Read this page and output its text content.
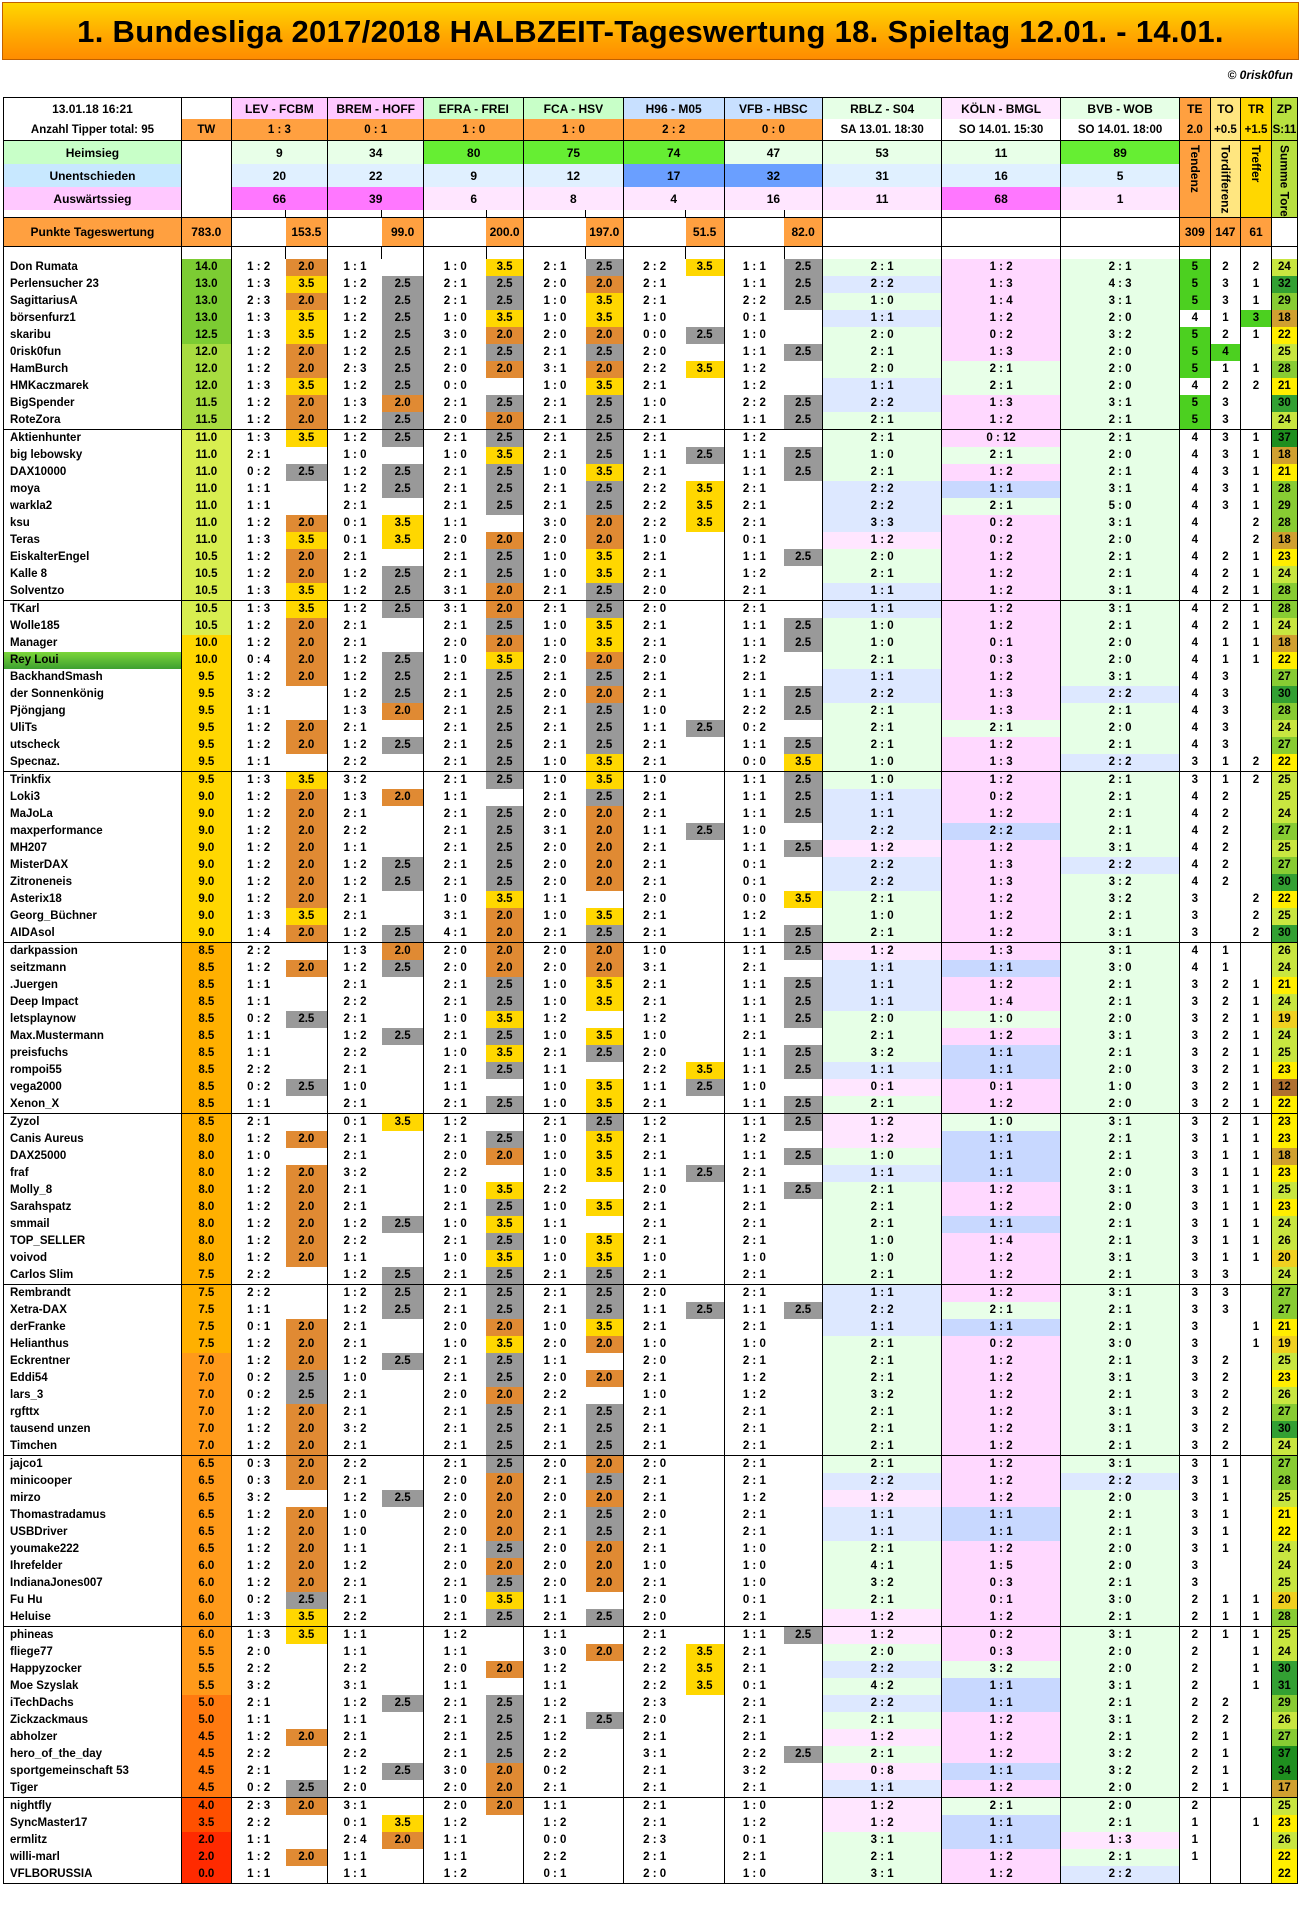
1. Bundesliga 2017/2018 HALBZEIT-Tageswertung 18. Spieltag 12.01. - 14.01.
© 0risk0fun
13.01.18 16:21		LEV - FCBM		BREM - HOFF		EFRA - FREI		FCA - HSV		H96 - M05		VFB - HBSC		RBLZ - S04	KÖLN - BMGL	BVB - WOB	TE	TO	TR	ZP
Anzahl Tipper total: 95	TW	1 : 3		0 : 1		1 : 0		1 : 0		2 : 2		0 : 0		SA 13.01. 18:30	SO 14.01. 15:30	SO 14.01. 18:00	2.0	+0.5	+1.5	S:11
Heimsieg		9		34		80		75		74		47		53	11	89	Tendenz	Tordifferenz	Treffer	Summe Tore

Unentschieden		20		22		9		12		17		32		31	16	5				
Auswärtssieg		66		39		6		8		4		16		11	68	1				

Punkte Tageswertung	783.0		153.5		99.0		200.0		197.0		51.5		82.0				309	147	61	

Don Rumata	14.0	1 : 2	2.0	1 : 1		1 : 0	3.5	2 : 1	2.5	2 : 2	3.5	1 : 1	2.5	2 : 1	1 : 2	2 : 1	5	2	2	24
Perlensucher 23	13.0	1 : 3	3.5	1 : 2	2.5	2 : 1	2.5	2 : 0	2.0	2 : 1		1 : 1	2.5	2 : 2	1 : 3	4 : 3	5	3	1	32
SagittariusA	13.0	2 : 3	2.0	1 : 2	2.5	2 : 1	2.5	1 : 0	3.5	2 : 1		2 : 2	2.5	1 : 0	1 : 4	3 : 1	5	3	1	29
börsenfurz1	13.0	1 : 3	3.5	1 : 2	2.5	1 : 0	3.5	1 : 0	3.5	1 : 0		0 : 1		1 : 1	1 : 2	2 : 0	4	1	3	18
skaribu	12.5	1 : 3	3.5	1 : 2	2.5	3 : 0	2.0	2 : 0	2.0	0 : 0	2.5	1 : 0		2 : 0	0 : 2	3 : 2	5	2	1	22
0risk0fun	12.0	1 : 2	2.0	1 : 2	2.5	2 : 1	2.5	2 : 1	2.5	2 : 0		1 : 1	2.5	2 : 1	1 : 3	2 : 0	5	4		25
HamBurch	12.0	1 : 2	2.0	2 : 3	2.5	2 : 0	2.0	3 : 1	2.0	2 : 2	3.5	1 : 2		2 : 0	2 : 1	2 : 0	5	1	1	28
HMKaczmarek	12.0	1 : 3	3.5	1 : 2	2.5	0 : 0		1 : 0	3.5	2 : 1		1 : 2		1 : 1	2 : 1	2 : 0	4	2	2	21
BigSpender	11.5	1 : 2	2.0	1 : 3	2.0	2 : 1	2.5	2 : 1	2.5	1 : 0		2 : 2	2.5	2 : 2	1 : 3	3 : 1	5	3		30
RoteZora	11.5	1 : 2	2.0	1 : 2	2.5	2 : 0	2.0	2 : 1	2.5	2 : 1		1 : 1	2.5	2 : 1	1 : 2	2 : 1	5	3		24
Aktienhunter	11.0	1 : 3	3.5	1 : 2	2.5	2 : 1	2.5	2 : 1	2.5	2 : 1		1 : 2		2 : 1	0 : 12	2 : 1	4	3	1	37
big lebowsky	11.0	2 : 1		1 : 0		1 : 0	3.5	2 : 1	2.5	1 : 1	2.5	1 : 1	2.5	1 : 0	2 : 1	2 : 0	4	3	1	18
DAX10000	11.0	0 : 2	2.5	1 : 2	2.5	2 : 1	2.5	1 : 0	3.5	2 : 1		1 : 1	2.5	2 : 1	1 : 2	2 : 1	4	3	1	21
moya	11.0	1 : 1		1 : 2	2.5	2 : 1	2.5	2 : 1	2.5	2 : 2	3.5	2 : 1		2 : 2	1 : 1	3 : 1	4	3	1	28
warkla2	11.0	1 : 1		2 : 1		2 : 1	2.5	2 : 1	2.5	2 : 2	3.5	2 : 1		2 : 2	2 : 1	5 : 0	4	3	1	29
ksu	11.0	1 : 2	2.0	0 : 1	3.5	1 : 1		3 : 0	2.0	2 : 2	3.5	2 : 1		3 : 3	0 : 2	3 : 1	4		2	28
Teras	11.0	1 : 3	3.5	0 : 1	3.5	2 : 0	2.0	2 : 0	2.0	1 : 0		0 : 1		1 : 2	0 : 2	2 : 0	4		2	18
EiskalterEngel	10.5	1 : 2	2.0	2 : 1		2 : 1	2.5	1 : 0	3.5	2 : 1		1 : 1	2.5	2 : 0	1 : 2	2 : 1	4	2	1	23
Kalle 8	10.5	1 : 2	2.0	1 : 2	2.5	2 : 1	2.5	1 : 0	3.5	2 : 1		1 : 2		2 : 1	1 : 2	2 : 1	4	2	1	24
Solventzo	10.5	1 : 3	3.5	1 : 2	2.5	3 : 1	2.0	2 : 1	2.5	2 : 0		2 : 1		1 : 1	1 : 2	3 : 1	4	2	1	28
TKarl	10.5	1 : 3	3.5	1 : 2	2.5	3 : 1	2.0	2 : 1	2.5	2 : 0		2 : 1		1 : 1	1 : 2	3 : 1	4	2	1	28
Wolle185	10.5	1 : 2	2.0	2 : 1		2 : 1	2.5	1 : 0	3.5	2 : 1		1 : 1	2.5	1 : 0	1 : 2	2 : 1	4	2	1	24
Manager	10.0	1 : 2	2.0	2 : 1		2 : 0	2.0	1 : 0	3.5	2 : 1		1 : 1	2.5	1 : 0	0 : 1	2 : 0	4	1	1	18
Rey Loui	10.0	0 : 4	2.0	1 : 2	2.5	1 : 0	3.5	2 : 0	2.0	2 : 0		1 : 2		2 : 1	0 : 3	2 : 0	4	1	1	22
BackhandSmash	9.5	1 : 2	2.0	1 : 2	2.5	2 : 1	2.5	2 : 1	2.5	2 : 1		2 : 1		1 : 1	1 : 2	3 : 1	4	3		27
der Sonnenkönig	9.5	3 : 2		1 : 2	2.5	2 : 1	2.5	2 : 0	2.0	2 : 1		1 : 1	2.5	2 : 2	1 : 3	2 : 2	4	3		30
Pjöngjang	9.5	1 : 1		1 : 3	2.0	2 : 1	2.5	2 : 1	2.5	1 : 0		2 : 2	2.5	2 : 1	1 : 3	2 : 1	4	3		28
UliTs	9.5	1 : 2	2.0	2 : 1		2 : 1	2.5	2 : 1	2.5	1 : 1	2.5	0 : 2		2 : 1	2 : 1	2 : 0	4	3		24
utscheck	9.5	1 : 2	2.0	1 : 2	2.5	2 : 1	2.5	2 : 1	2.5	2 : 1		1 : 1	2.5	2 : 1	1 : 2	2 : 1	4	3		27
Specnaz.	9.5	1 : 1		2 : 2		2 : 1	2.5	1 : 0	3.5	2 : 1		0 : 0	3.5	1 : 0	1 : 3	2 : 2	3	1	2	22
Trinkfix	9.5	1 : 3	3.5	3 : 2		2 : 1	2.5	1 : 0	3.5	1 : 0		1 : 1	2.5	1 : 0	1 : 2	2 : 1	3	1	2	25
Loki3	9.0	1 : 2	2.0	1 : 3	2.0	1 : 1		2 : 1	2.5	2 : 1		1 : 1	2.5	1 : 1	0 : 2	2 : 1	4	2		25
MaJoLa	9.0	1 : 2	2.0	2 : 1		2 : 1	2.5	2 : 0	2.0	2 : 1		1 : 1	2.5	1 : 1	1 : 2	2 : 1	4	2		24
maxperformance	9.0	1 : 2	2.0	2 : 2		2 : 1	2.5	3 : 1	2.0	1 : 1	2.5	1 : 0		2 : 2	2 : 2	2 : 1	4	2		27
MH207	9.0	1 : 2	2.0	1 : 1		2 : 1	2.5	2 : 0	2.0	2 : 1		1 : 1	2.5	1 : 2	1 : 2	3 : 1	4	2		25
MisterDAX	9.0	1 : 2	2.0	1 : 2	2.5	2 : 1	2.5	2 : 0	2.0	2 : 1		0 : 1		2 : 2	1 : 3	2 : 2	4	2		27
Zitroneneis	9.0	1 : 2	2.0	1 : 2	2.5	2 : 1	2.5	2 : 0	2.0	2 : 1		0 : 1		2 : 2	1 : 3	3 : 2	4	2		30
Asterix18	9.0	1 : 2	2.0	2 : 1		1 : 0	3.5	1 : 1		2 : 0		0 : 0	3.5	2 : 1	1 : 2	3 : 2	3		2	22
Georg_Büchner	9.0	1 : 3	3.5	2 : 1		3 : 1	2.0	1 : 0	3.5	2 : 1		1 : 2		1 : 0	1 : 2	2 : 1	3		2	25
AIDAsol	9.0	1 : 4	2.0	1 : 2	2.5	4 : 1	2.0	2 : 1	2.5	2 : 1		1 : 1	2.5	2 : 1	1 : 2	3 : 1	3		2	30
darkpassion	8.5	2 : 2		1 : 3	2.0	2 : 0	2.0	2 : 0	2.0	1 : 0		1 : 1	2.5	1 : 2	1 : 3	3 : 1	4	1		26
seitzmann	8.5	1 : 2	2.0	1 : 2	2.5	2 : 0	2.0	2 : 0	2.0	3 : 1		2 : 1		1 : 1	1 : 1	3 : 0	4	1		24
.Juergen	8.5	1 : 1		2 : 1		2 : 1	2.5	1 : 0	3.5	2 : 1		1 : 1	2.5	1 : 1	1 : 2	2 : 1	3	2	1	21
Deep Impact	8.5	1 : 1		2 : 2		2 : 1	2.5	1 : 0	3.5	2 : 1		1 : 1	2.5	1 : 1	1 : 4	2 : 1	3	2	1	24
letsplaynow	8.5	0 : 2	2.5	2 : 1		1 : 0	3.5	1 : 2		1 : 2		1 : 1	2.5	2 : 0	1 : 0	2 : 0	3	2	1	19
Max.Mustermann	8.5	1 : 1		1 : 2	2.5	2 : 1	2.5	1 : 0	3.5	1 : 0		2 : 1		2 : 1	1 : 2	3 : 1	3	2	1	24
preisfuchs	8.5	1 : 1		2 : 2		1 : 0	3.5	2 : 1	2.5	2 : 0		1 : 1	2.5	3 : 2	1 : 1	2 : 1	3	2	1	25
rompoi55	8.5	2 : 2		2 : 1		2 : 1	2.5	1 : 1		2 : 2	3.5	1 : 1	2.5	1 : 1	1 : 1	2 : 0	3	2	1	23
vega2000	8.5	0 : 2	2.5	1 : 0		1 : 1		1 : 0	3.5	1 : 1	2.5	1 : 0		0 : 1	0 : 1	1 : 0	3	2	1	12
Xenon_X	8.5	1 : 1		2 : 1		2 : 1	2.5	1 : 0	3.5	2 : 1		1 : 1	2.5	2 : 1	1 : 2	2 : 0	3	2	1	22
Zyzol	8.5	2 : 1		0 : 1	3.5	1 : 2		2 : 1	2.5	1 : 2		1 : 1	2.5	1 : 2	1 : 0	3 : 1	3	2	1	23
Canis Aureus	8.0	1 : 2	2.0	2 : 1		2 : 1	2.5	1 : 0	3.5	2 : 1		1 : 2		1 : 2	1 : 1	2 : 1	3	1	1	23
DAX25000	8.0	1 : 0		2 : 1		2 : 0	2.0	1 : 0	3.5	2 : 1		1 : 1	2.5	1 : 0	1 : 1	2 : 1	3	1	1	18
fraf	8.0	1 : 2	2.0	3 : 2		2 : 2		1 : 0	3.5	1 : 1	2.5	2 : 1		1 : 1	1 : 1	2 : 0	3	1	1	23
Molly_8	8.0	1 : 2	2.0	2 : 1		1 : 0	3.5	2 : 2		2 : 0		1 : 1	2.5	2 : 1	1 : 2	3 : 1	3	1	1	25
Sarahspatz	8.0	1 : 2	2.0	2 : 1		2 : 1	2.5	1 : 0	3.5	2 : 1		2 : 1		2 : 1	1 : 2	2 : 0	3	1	1	23
smmail	8.0	1 : 2	2.0	1 : 2	2.5	1 : 0	3.5	1 : 1		2 : 1		2 : 1		2 : 1	1 : 1	2 : 1	3	1	1	24
TOP_SELLER	8.0	1 : 2	2.0	2 : 2		2 : 1	2.5	1 : 0	3.5	2 : 1		2 : 1		1 : 0	1 : 4	2 : 1	3	1	1	26
voivod	8.0	1 : 2	2.0	1 : 1		1 : 0	3.5	1 : 0	3.5	1 : 0		1 : 0		1 : 0	1 : 2	3 : 1	3	1	1	20
Carlos Slim	7.5	2 : 2		1 : 2	2.5	2 : 1	2.5	2 : 1	2.5	2 : 1		2 : 1		2 : 1	1 : 2	2 : 1	3	3		24
Rembrandt	7.5	2 : 2		1 : 2	2.5	2 : 1	2.5	2 : 1	2.5	2 : 0		2 : 1		1 : 1	1 : 2	3 : 1	3	3		27
Xetra-DAX	7.5	1 : 1		1 : 2	2.5	2 : 1	2.5	2 : 1	2.5	1 : 1	2.5	1 : 1	2.5	2 : 2	2 : 1	2 : 1	3	3		27
derFranke	7.5	0 : 1	2.0	2 : 1		2 : 0	2.0	1 : 0	3.5	2 : 1		2 : 1		1 : 1	1 : 1	2 : 1	3		1	21
Helianthus	7.5	1 : 2	2.0	2 : 1		1 : 0	3.5	2 : 0	2.0	1 : 0		1 : 0		2 : 1	0 : 2	3 : 0	3		1	19
Eckrentner	7.0	1 : 2	2.0	1 : 2	2.5	2 : 1	2.5	1 : 1		2 : 0		2 : 1		2 : 1	1 : 2	2 : 1	3	2		25
Eddi54	7.0	0 : 2	2.5	1 : 0		2 : 1	2.5	2 : 0	2.0	2 : 1		1 : 2		2 : 1	1 : 2	3 : 1	3	2		23
lars_3	7.0	0 : 2	2.5	2 : 1		2 : 0	2.0	2 : 2		1 : 0		1 : 2		3 : 2	1 : 2	2 : 1	3	2		26
rgfttx	7.0	1 : 2	2.0	2 : 1		2 : 1	2.5	2 : 1	2.5	2 : 1		2 : 1		2 : 1	1 : 2	3 : 1	3	2		27
tausend unzen	7.0	1 : 2	2.0	3 : 2		2 : 1	2.5	2 : 1	2.5	2 : 1		2 : 1		2 : 1	1 : 2	3 : 1	3	2		30
Timchen	7.0	1 : 2	2.0	2 : 1		2 : 1	2.5	2 : 1	2.5	2 : 1		2 : 1		2 : 1	1 : 2	2 : 1	3	2		24
jajco1	6.5	0 : 3	2.0	2 : 2		2 : 1	2.5	2 : 0	2.0	2 : 0		2 : 1		2 : 1	1 : 2	3 : 1	3	1		27
minicooper	6.5	0 : 3	2.0	2 : 1		2 : 0	2.0	2 : 1	2.5	2 : 1		2 : 1		2 : 2	1 : 2	2 : 2	3	1		28
mirzo	6.5	3 : 2		1 : 2	2.5	2 : 0	2.0	2 : 0	2.0	2 : 1		1 : 2		1 : 2	1 : 2	2 : 0	3	1		25
Thomastradamus	6.5	1 : 2	2.0	1 : 0		2 : 0	2.0	2 : 1	2.5	2 : 0		2 : 1		1 : 1	1 : 1	2 : 1	3	1		21
USBDriver	6.5	1 : 2	2.0	1 : 0		2 : 0	2.0	2 : 1	2.5	2 : 1		2 : 1		1 : 1	1 : 1	2 : 1	3	1		22
youmake222	6.5	1 : 2	2.0	1 : 1		2 : 1	2.5	2 : 0	2.0	2 : 1		1 : 0		2 : 1	1 : 2	2 : 0	3	1		24
Ihrefelder	6.0	1 : 2	2.0	1 : 2		2 : 0	2.0	2 : 0	2.0	1 : 0		1 : 0		4 : 1	1 : 5	2 : 0	3			24
IndianaJones007	6.0	1 : 2	2.0	2 : 1		2 : 1	2.5	2 : 0	2.0	2 : 1		1 : 0		3 : 2	0 : 3	2 : 1	3			25
Fu Hu	6.0	0 : 2	2.5	2 : 1		1 : 0	3.5	1 : 1		2 : 0		0 : 1		2 : 1	0 : 1	3 : 0	2	1	1	20
Heluise	6.0	1 : 3	3.5	2 : 2		2 : 1	2.5	2 : 1	2.5	2 : 0		2 : 1		1 : 2	1 : 2	2 : 1	2	1	1	28
phineas	6.0	1 : 3	3.5	1 : 1		1 : 2		1 : 1		2 : 1		1 : 1	2.5	1 : 2	0 : 2	3 : 1	2	1	1	25
fliege77	5.5	2 : 0		1 : 1		1 : 1		3 : 0	2.0	2 : 2	3.5	2 : 1		2 : 0	0 : 3	2 : 0	2		1	24
Happyzocker	5.5	2 : 2		2 : 2		2 : 0	2.0	1 : 2		2 : 2	3.5	2 : 1		2 : 2	3 : 2	2 : 0	2		1	30
Moe Szyslak	5.5	3 : 2		3 : 1		1 : 1		1 : 1		2 : 2	3.5	0 : 1		4 : 2	1 : 1	3 : 1	2		1	31
iTechDachs	5.0	2 : 1		1 : 2	2.5	2 : 1	2.5	1 : 2		2 : 3		2 : 1		2 : 2	1 : 1	2 : 1	2	2		29
Zickzackmaus	5.0	1 : 1		1 : 1		2 : 1	2.5	2 : 1	2.5	2 : 0		2 : 1		2 : 1	1 : 2	3 : 1	2	2		26
abholzer	4.5	1 : 2	2.0	2 : 1		2 : 1	2.5	1 : 2		2 : 1		2 : 1		1 : 2	1 : 2	2 : 1	2	1		27
hero_of_the_day	4.5	2 : 2		2 : 2		2 : 1	2.5	2 : 2		3 : 1		2 : 2	2.5	2 : 1	1 : 2	3 : 2	2	1		37
sportgemeinschaft 53	4.5	2 : 1		1 : 2	2.5	3 : 0	2.0	0 : 2		2 : 1		3 : 2		0 : 8	1 : 1	3 : 2	2	1		34
Tiger	4.5	0 : 2	2.5	2 : 0		2 : 0	2.0	2 : 1		2 : 1		2 : 1		1 : 1	1 : 2	2 : 0	2	1		17
nightfly	4.0	2 : 3	2.0	3 : 1		2 : 0	2.0	1 : 1		2 : 1		1 : 0		1 : 2	2 : 1	2 : 0	2			25
SyncMaster17	3.5	2 : 2		0 : 1	3.5	1 : 2		1 : 2		2 : 1		1 : 2		1 : 2	1 : 1	2 : 1	1		1	23
ermlitz	2.0	1 : 1		2 : 4	2.0	1 : 1		0 : 0		2 : 3		0 : 1		3 : 1	1 : 1	1 : 3	1			26
willi-marl	2.0	1 : 2	2.0	1 : 1		1 : 1		2 : 2		2 : 1		2 : 1		2 : 1	1 : 2	2 : 1	1			22
VFLBORUSSIA	0.0	1 : 1		1 : 1		1 : 2		0 : 1		2 : 0		1 : 0		3 : 1	1 : 2	2 : 2				22
